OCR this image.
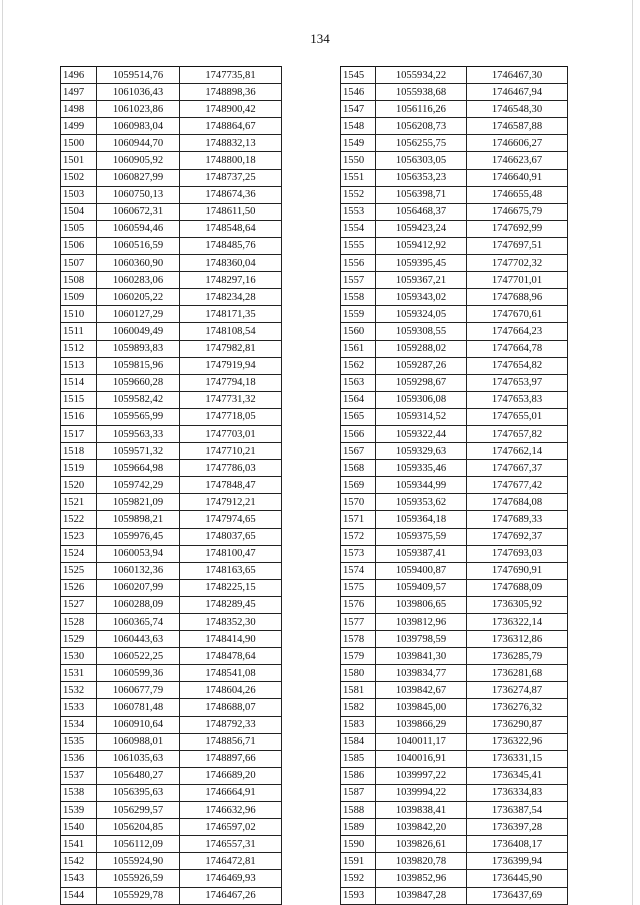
134
1496	1059514,76	1747735,81
1497	1061036,43	1748898,36
1498	1061023,86	1748900,42
1499	1060983,04	1748864,67
1500	1060944,70	1748832,13
1501	1060905,92	1748800,18
1502	1060827,99	1748737,25
1503	1060750,13	1748674,36
1504	1060672,31	1748611,50
1505	1060594,46	1748548,64
1506	1060516,59	1748485,76
1507	1060360,90	1748360,04
1508	1060283,06	1748297,16
1509	1060205,22	1748234,28
1510	1060127,29	1748171,35
1511	1060049,49	1748108,54
1512	1059893,83	1747982,81
1513	1059815,96	1747919,94
1514	1059660,28	1747794,18
1515	1059582,42	1747731,32
1516	1059565,99	1747718,05
1517	1059563,33	1747703,01
1518	1059571,32	1747710,21
1519	1059664,98	1747786,03
1520	1059742,29	1747848,47
1521	1059821,09	1747912,21
1522	1059898,21	1747974,65
1523	1059976,45	1748037,65
1524	1060053,94	1748100,47
1525	1060132,36	1748163,65
1526	1060207,99	1748225,15
1527	1060288,09	1748289,45
1528	1060365,74	1748352,30
1529	1060443,63	1748414,90
1530	1060522,25	1748478,64
1531	1060599,36	1748541,08
1532	1060677,79	1748604,26
1533	1060781,48	1748688,07
1534	1060910,64	1748792,33
1535	1060988,01	1748856,71
1536	1061035,63	1748897,66
1537	1056480,27	1746689,20
1538	1056395,63	1746664,91
1539	1056299,57	1746632,96
1540	1056204,85	1746597,02
1541	1056112,09	1746557,31
1542	1055924,90	1746472,81
1543	1055926,59	1746469,93
1544	1055929,78	1746467,26
1545	1055934,22	1746467,30
1546	1055938,68	1746467,94
1547	1056116,26	1746548,30
1548	1056208,73	1746587,88
1549	1056255,75	1746606,27
1550	1056303,05	1746623,67
1551	1056353,23	1746640,91
1552	1056398,71	1746655,48
1553	1056468,37	1746675,79
1554	1059423,24	1747692,99
1555	1059412,92	1747697,51
1556	1059395,45	1747702,32
1557	1059367,21	1747701,01
1558	1059343,02	1747688,96
1559	1059324,05	1747670,61
1560	1059308,55	1747664,23
1561	1059288,02	1747664,78
1562	1059287,26	1747654,82
1563	1059298,67	1747653,97
1564	1059306,08	1747653,83
1565	1059314,52	1747655,01
1566	1059322,44	1747657,82
1567	1059329,63	1747662,14
1568	1059335,46	1747667,37
1569	1059344,99	1747677,42
1570	1059353,62	1747684,08
1571	1059364,18	1747689,33
1572	1059375,59	1747692,37
1573	1059387,41	1747693,03
1574	1059400,87	1747690,91
1575	1059409,57	1747688,09
1576	1039806,65	1736305,92
1577	1039812,96	1736322,14
1578	1039798,59	1736312,86
1579	1039841,30	1736285,79
1580	1039834,77	1736281,68
1581	1039842,67	1736274,87
1582	1039845,00	1736276,32
1583	1039866,29	1736290,87
1584	1040011,17	1736322,96
1585	1040016,91	1736331,15
1586	1039997,22	1736345,41
1587	1039994,22	1736334,83
1588	1039838,41	1736387,54
1589	1039842,20	1736397,28
1590	1039826,61	1736408,17
1591	1039820,78	1736399,94
1592	1039852,96	1736445,90
1593	1039847,28	1736437,69
